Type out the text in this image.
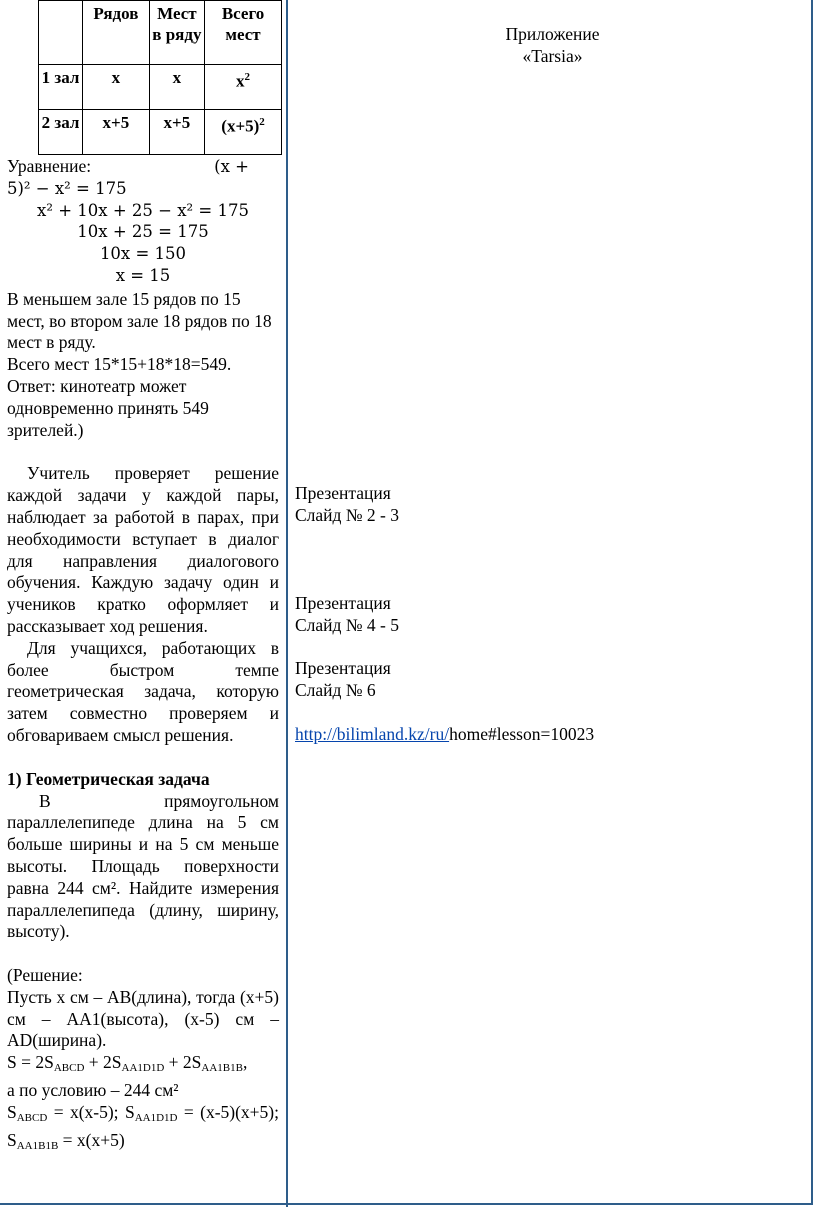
	Рядов	Мест в ряду	Всего мест
1 зал	x	x	$x^2$
2 зал	x+5	x+5	$(x+5)^2$
Уравнение:	(x +
5)² − x² = 175
x² + 10x + 25 − x² = 175
10x + 25 = 175
10x = 150
x = 15
В меньшем зале 15 рядов по 15 мест, во втором зале 18 рядов по 18 мест в ряду.
Всего мест 15*15+18*18=549.
Ответ: кинотеатр может одновременно принять 549 зрителей.)
Учитель проверяет решение каждой задачи у каждой пары, наблюдает за работой в парах, при необходимости вступает в диалог для направления диалогового обучения. Каждую задачу один и учеников кратко оформляет и рассказывает ход решения.
Для учащихся, работающих в более быстром темпе геометрическая задача, которую затем совместно проверяем и обговариваем смысл решения.
1) Геометрическая задача
В прямоугольном параллелепипеде длина на 5 см больше ширины и на 5 см меньше высоты. Площадь поверхности равна 244 см². Найдите измерения параллелепипеда (длину, ширину, высоту).
(Решение:
Пусть x см – AB(длина), тогда (x+5) см – AA1(высота), (x-5) см – AD(ширина).
$S = 2S_{ABCD} + 2S_{AA1D1D} + 2S_{AA1B1B}$,
а по условию – 244 см²
$S_{ABCD} = x(x-5)$; $S_{AA1D1D} = (x-5)(x+5)$; $S_{AA1B1B} = x(x+5)$
Приложение
«Tarsia»
Презентация
Слайд № 2 - 3
Презентация
Слайд № 4 - 5
Презентация
Слайд № 6
http://bilimland.kz/ru/home#lesson=10023
